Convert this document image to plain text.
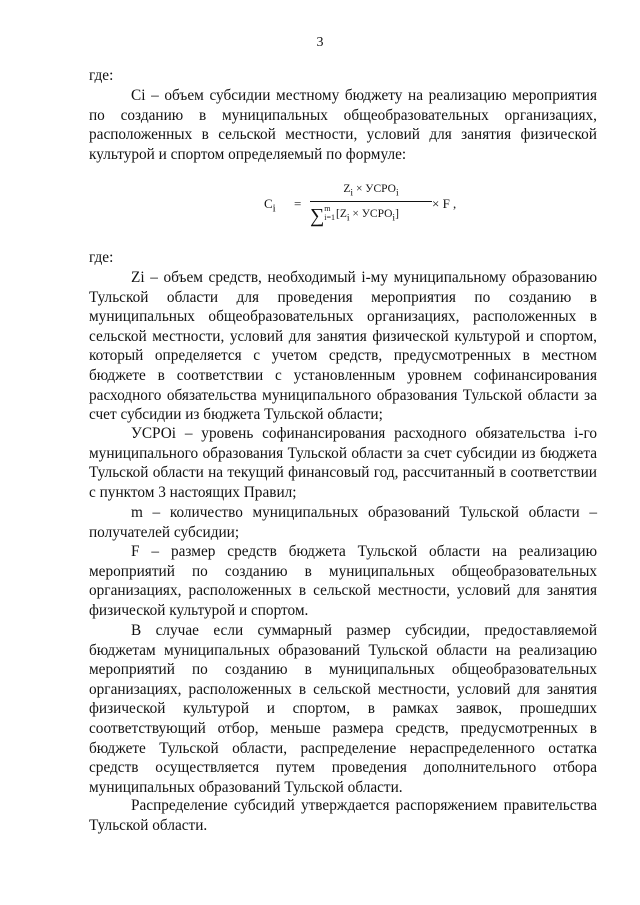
3
где:
Ci – объем субсидии местному бюджету на реализацию мероприятия по созданию в муниципальных общеобразовательных организациях, расположенных в сельской местности, условий для занятия физической культурой и спортом определяемый по формуле:
$C_i$ =
$Z_i$ × $УСРО_i$
∑m
$i=1[Z_i$ × $УСРО_i$]
× F ,
где:
Zi – объем средств, необходимый i-му муниципальному образованию Тульской области для проведения мероприятия по созданию в муниципальных общеобразовательных организациях, расположенных в сельской местности, условий для занятия физической культурой и спортом, который определяется с учетом средств, предусмотренных в местном бюджете в соответствии с установленным уровнем софинансирования расходного обязательства муниципального образования Тульской области за счет субсидии из бюджета Тульской области;
УСРОi – уровень софинансирования расходного обязательства i-го муниципального образования Тульской области за счет субсидии из бюджета Тульской области на текущий финансовый год, рассчитанный в соответствии с пунктом 3 настоящих Правил;
m – количество муниципальных образований Тульской области – получателей субсидии;
F – размер средств бюджета Тульской области на реализацию мероприятий по созданию в муниципальных общеобразовательных организациях, расположенных в сельской местности, условий для занятия физической культурой и спортом.
В случае если суммарный размер субсидии, предоставляемой бюджетам муниципальных образований Тульской области на реализацию мероприятий по созданию в муниципальных общеобразовательных организациях, расположенных в сельской местности, условий для занятия физической культурой и спортом, в рамках заявок, прошедших соответствующий отбор, меньше размера средств, предусмотренных в бюджете Тульской области, распределение нераспределенного остатка средств осуществляется путем проведения дополнительного отбора муниципальных образований Тульской области.
Распределение субсидий утверждается распоряжением правительства Тульской области.
